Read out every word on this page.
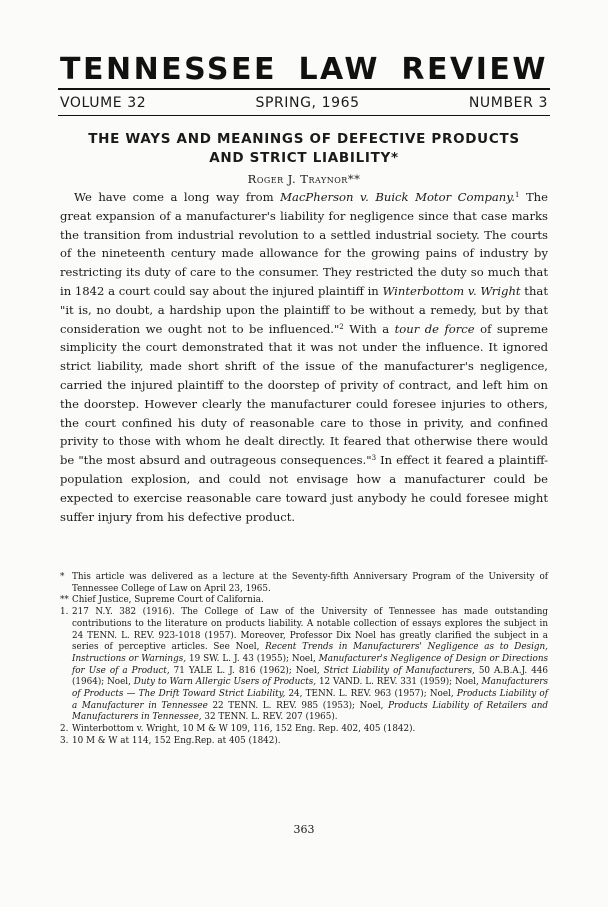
TENNESSEE LAW REVIEW
VOLUME 32	SPRING, 1965	NUMBER 3
THE WAYS AND MEANINGS OF DEFECTIVE PRODUCTS
AND STRICT LIABILITY*
Roger J. Traynor**

We have come a long way from MacPherson v. Buick Motor Company.$^1$ The great expansion of a manufacturer's liability for negligence since that case marks the transition from industrial revolution to a settled industrial society. The courts of the nineteenth century made allowance for the growing pains of industry by restricting its duty of care to the consumer. They restricted the duty so much that in 1842 a court could say about the injured plaintiff in Winterbottom v. Wright that "it is, no doubt, a hardship upon the plaintiff to be without a remedy, but by that consideration we ought not to be influenced."$^2$ With a tour de force of supreme simplicity the court demonstrated that it was not under the influence. It ignored strict liability, made short shrift of the issue of the manufacturer's negligence, carried the injured plaintiff to the doorstep of privity of contract, and left him on the doorstep. However clearly the manufacturer could foresee injuries to others, the court confined his duty of reasonable care to those in privity, and confined privity to those with whom he dealt directly. It feared that otherwise there would be "the most absurd and outrageous consequences."$^3$ In effect it feared a plaintiff-population explosion, and could not envisage how a manufacturer could be expected to exercise reasonable care toward just anybody he could foresee might suffer injury from his defective product.

* This article was delivered as a lecture at the Seventy-fifth Anniversary Program of the University of Tennessee College of Law on April 23, 1965.
** Chief Justice, Supreme Court of California.
1. 217 N.Y. 382 (1916). The College of Law of the University of Tennessee has made outstanding contributions to the literature on products liability. A notable collection of essays explores the subject in 24 TENN. L. REV. 923-1018 (1957). Moreover, Professor Dix Noel has greatly clarified the subject in a series of perceptive articles. See Noel, Recent Trends in Manufacturers' Negligence as to Design, Instructions or Warnings, 19 SW. L. J. 43 (1955); Noel, Manufacturer's Negligence of Design or Directions for Use of a Product, 71 YALE L. J. 816 (1962); Noel, Strict Liability of Manufacturers, 50 A.B.A.J. 446 (1964); Noel, Duty to Warn Allergic Users of Products, 12 VAND. L. REV. 331 (1959); Noel, Manufacturers of Products — The Drift Toward Strict Liability, 24, TENN. L. REV. 963 (1957); Noel, Products Liability of a Manufacturer in Tennessee 22 TENN. L. REV. 985 (1953); Noel, Products Liability of Retailers and Manufacturers in Tennessee, 32 TENN. L. REV. 207 (1965).
2. Winterbottom v. Wright, 10 M & W 109, 116, 152 Eng. Rep. 402, 405 (1842).
3. 10 M & W at 114, 152 Eng.Rep. at 405 (1842).
363
